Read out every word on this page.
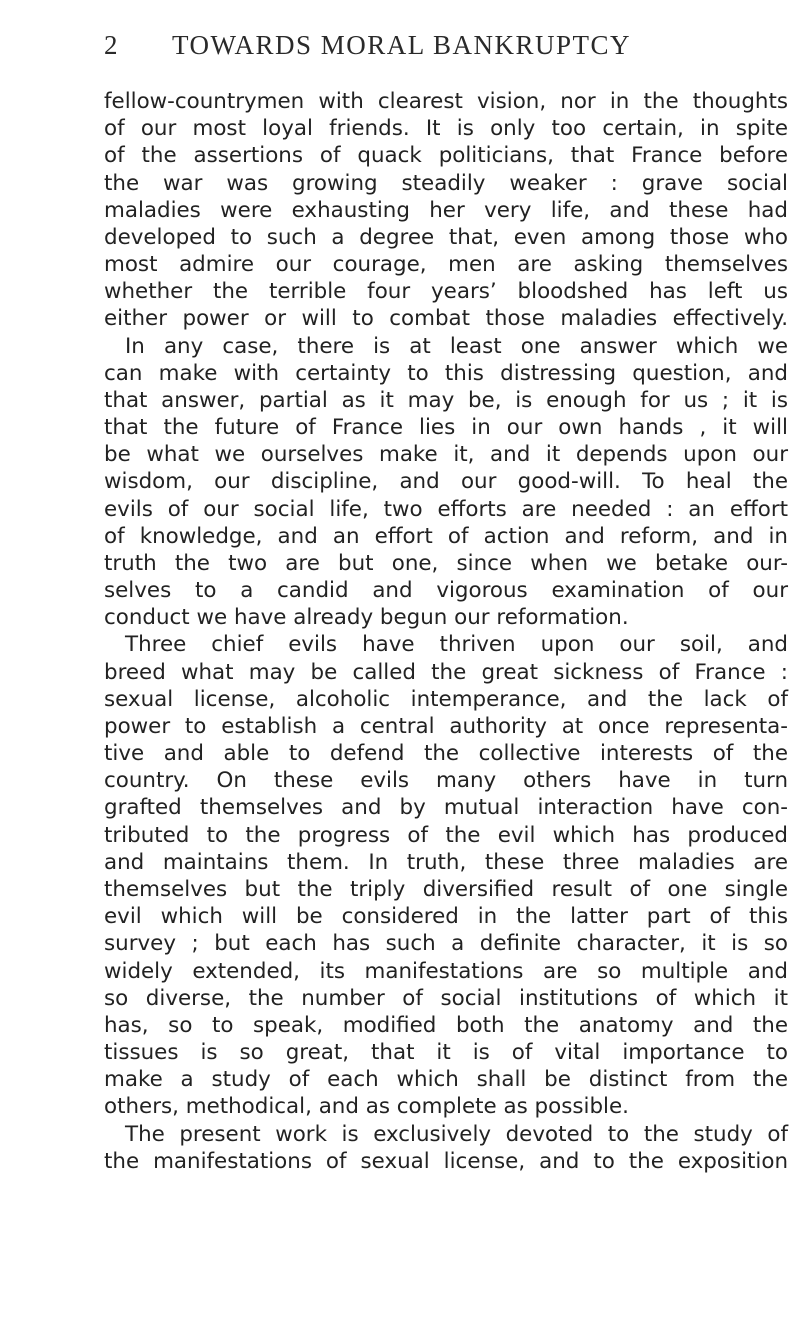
2 TOWARDS MORAL BANKRUPTCY
fellow-countrymen with clearest vision, nor in the thoughts
of our most loyal friends. It is only too certain, in spite
of the assertions of quack politicians, that France before
the war was growing steadily weaker : grave social
maladies were exhausting her very life, and these had
developed to such a degree that, even among those who
most admire our courage, men are asking themselves
whether the terrible four years’ bloodshed has left us
either power or will to combat those maladies effectively.
In any case, there is at least one answer which we
can make with certainty to this distressing question, and
that answer, partial as it may be, is enough for us ; it is
that the future of France lies in our own hands , it will
be what we ourselves make it, and it depends upon our
wisdom, our discipline, and our good-will. To heal the
evils of our social life, two efforts are needed : an effort
of knowledge, and an effort of action and reform, and in
truth the two are but one, since when we betake our-
selves to a candid and vigorous examination of our
conduct we have already begun our reformation.
Three chief evils have thriven upon our soil, and
breed what may be called the great sickness of France :
sexual license, alcoholic intemperance, and the lack of
power to establish a central authority at once representa-
tive and able to defend the collective interests of the
country. On these evils many others have in turn
grafted themselves and by mutual interaction have con-
tributed to the progress of the evil which has produced
and maintains them. In truth, these three maladies are
themselves but the triply diversified result of one single
evil which will be considered in the latter part of this
survey ; but each has such a definite character, it is so
widely extended, its manifestations are so multiple and
so diverse, the number of social institutions of which it
has, so to speak, modified both the anatomy and the
tissues is so great, that it is of vital importance to
make a study of each which shall be distinct from the
others, methodical, and as complete as possible.
The present work is exclusively devoted to the study of
the manifestations of sexual license, and to the exposition
